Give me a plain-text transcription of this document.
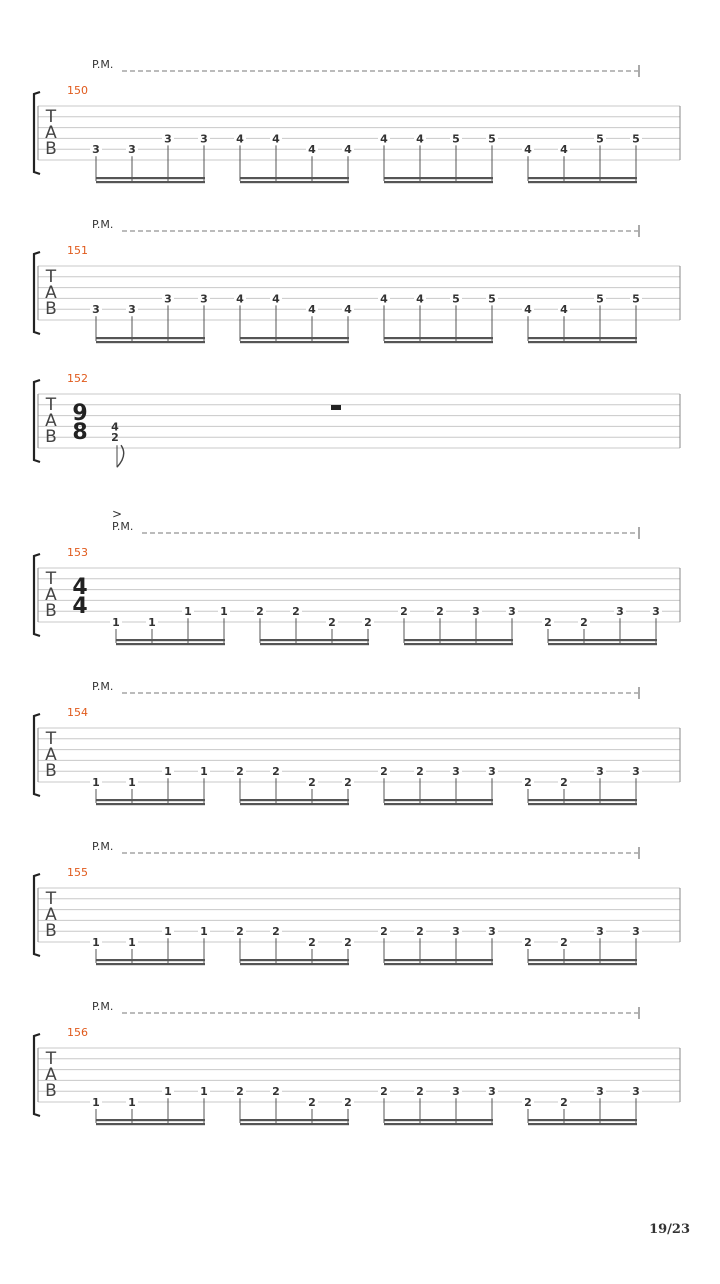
T
A
B
150
P.M.
3	3
3	3	4	4
4	4
4	4	5	5
4	4
5	5
T
A
B
151
P.M.
3	3
3	3	4	4
4	4
4	4	5	5
4	4
5	5
T
A
B
152
9
8 4
2
T
A
B
153
4
4
P.M.
>
1	1
1	1	2	2
2	2
2	2	3	3
2	2
3	3
T
A
B
154
P.M.
1	1
1	1	2	2
2	2
2	2	3	3
2	2
3	3
T
A
B
155
P.M.
1	1
1	1	2	2
2	2
2	2	3	3
2	2
3	3
T
A
B
156
P.M.
1	1
1	1	2	2
2	2
2	2	3	3
2	2
3	3
19/23
